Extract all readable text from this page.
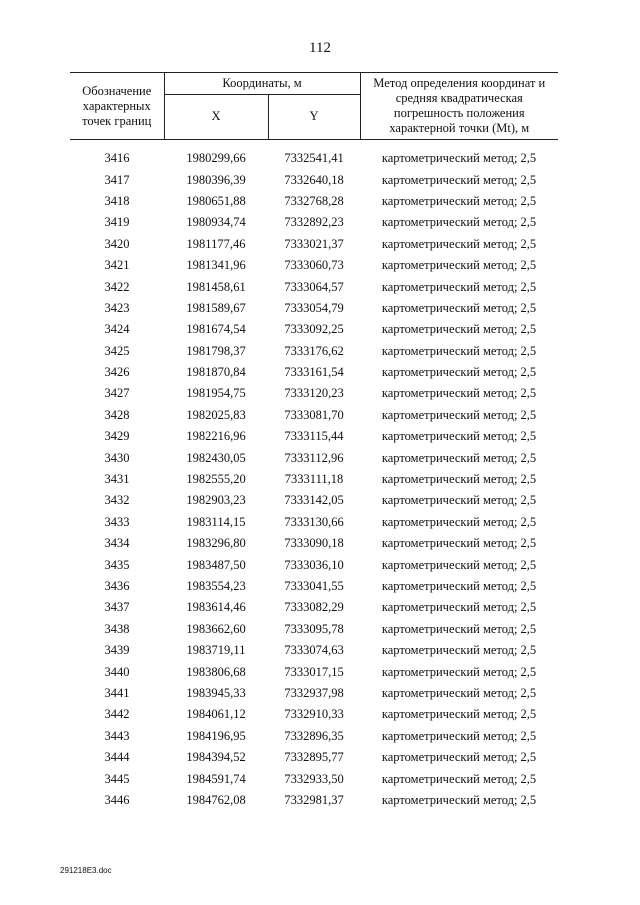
112
Обозначение характерных точек границ	Координаты, м		Метод определения координат и средняя квадратическая погрешность положения характерной точки (Mt), м
	X	Y	

3416	1980299,66	7332541,41	картометрический метод; 2,5
3417	1980396,39	7332640,18	картометрический метод; 2,5
3418	1980651,88	7332768,28	картометрический метод; 2,5
3419	1980934,74	7332892,23	картометрический метод; 2,5
3420	1981177,46	7333021,37	картометрический метод; 2,5
3421	1981341,96	7333060,73	картометрический метод; 2,5
3422	1981458,61	7333064,57	картометрический метод; 2,5
3423	1981589,67	7333054,79	картометрический метод; 2,5
3424	1981674,54	7333092,25	картометрический метод; 2,5
3425	1981798,37	7333176,62	картометрический метод; 2,5
3426	1981870,84	7333161,54	картометрический метод; 2,5
3427	1981954,75	7333120,23	картометрический метод; 2,5
3428	1982025,83	7333081,70	картометрический метод; 2,5
3429	1982216,96	7333115,44	картометрический метод; 2,5
3430	1982430,05	7333112,96	картометрический метод; 2,5
3431	1982555,20	7333111,18	картометрический метод; 2,5
3432	1982903,23	7333142,05	картометрический метод; 2,5
3433	1983114,15	7333130,66	картометрический метод; 2,5
3434	1983296,80	7333090,18	картометрический метод; 2,5
3435	1983487,50	7333036,10	картометрический метод; 2,5
3436	1983554,23	7333041,55	картометрический метод; 2,5
3437	1983614,46	7333082,29	картометрический метод; 2,5
3438	1983662,60	7333095,78	картометрический метод; 2,5
3439	1983719,11	7333074,63	картометрический метод; 2,5
3440	1983806,68	7333017,15	картометрический метод; 2,5
3441	1983945,33	7332937,98	картометрический метод; 2,5
3442	1984061,12	7332910,33	картометрический метод; 2,5
3443	1984196,95	7332896,35	картометрический метод; 2,5
3444	1984394,52	7332895,77	картометрический метод; 2,5
3445	1984591,74	7332933,50	картометрический метод; 2,5
3446	1984762,08	7332981,37	картометрический метод; 2,5
291218E3.doc
